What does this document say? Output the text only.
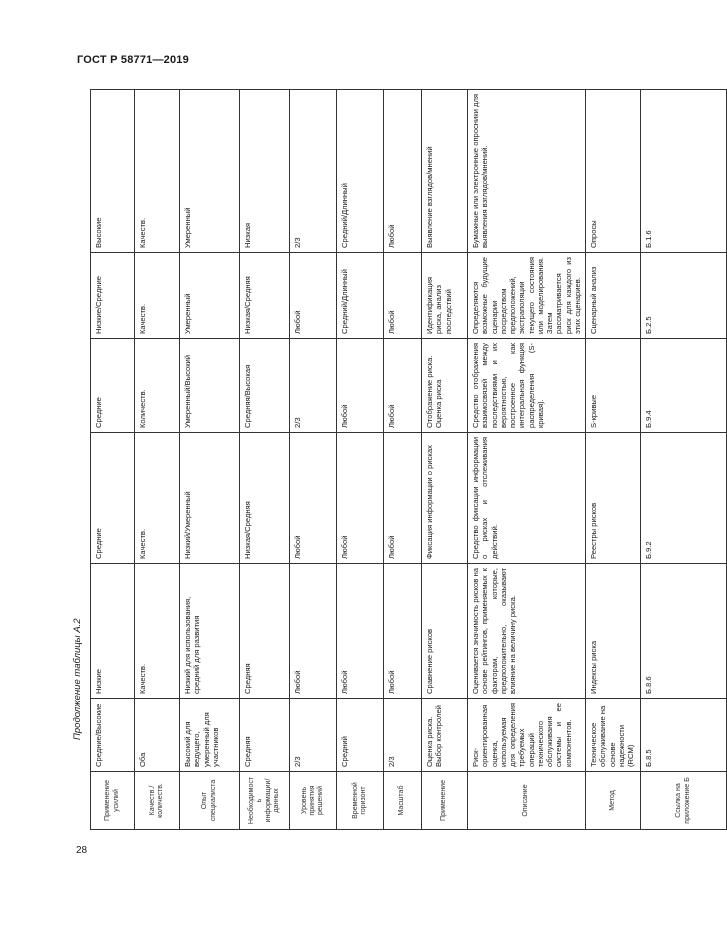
ГОСТ Р 58771—2019
Продолжение таблицы А.2
Применение усилий	Средние/Высокие	Низкие	Средние	Средние	Низкие/Средние	Высокие
Качеств./количеств.	Оба	Качеств.	Качеств.	Количеств.	Качеств.	Качеств.
Опыт специалиста	Высокий для ведущего, умеренный для участников	Низкий для использования, средний для развития	Низкий/Умеренный	Умеренный/Высокий	Умеренный	Умеренный
Необходимость информации/данных	Средняя	Средняя	Низкая/Средняя	Средняя/Высокая	Низкая/Средняя	Низкая
Уровень принятия решений	2/3	Любой	Любой	2/3	Любой	2/3
Временной горизонт	Средний	Любой	Любой	Любой	Средний/Длинный	Средний/Длинный
Масштаб	2/3	Любой	Любой	Любой	Любой	Любой
Применение	Оценка риска. Выбор контролей	Сравнение рисков	Фиксация информации о рисках	Отображение риска. Оценка риска	Идентификация риска, анализ последствий	Выявление взглядов/мнений
Описание	Риск-ориентированная оценка, используемая для определения требуемых операций технического обслуживания системы и ее компонентов.	Оценивается значимость рисков на основе рейтингов, применяемых к факторам, которые, предположительно, оказывают влияние на величину риска.	Средство фиксации информации о рисках и отслеживания действий.	Средство отображения взаимосвязей между последствиями и их вероятностью, построенное как интегральная функция распределения (S-кривая).	Определяются возможные будущие сценарии посредством предположений, экстраполяции текущего состояния или моделирования. Затем рассматривается риск для каждого из этих сценариев.	Бумажные или электронные опросники для выявления взглядов/мнений.
Метод	Техническое обслуживание на основе надежности (RCM)	Индексы риска	Реестры рисков	S-кривые	Сценарный анализ	Опросы
Ссылка на приложение Б	Б.8.5	Б.8.6	Б.9.2	Б.9.4	Б.2.5	Б.1.6
28
